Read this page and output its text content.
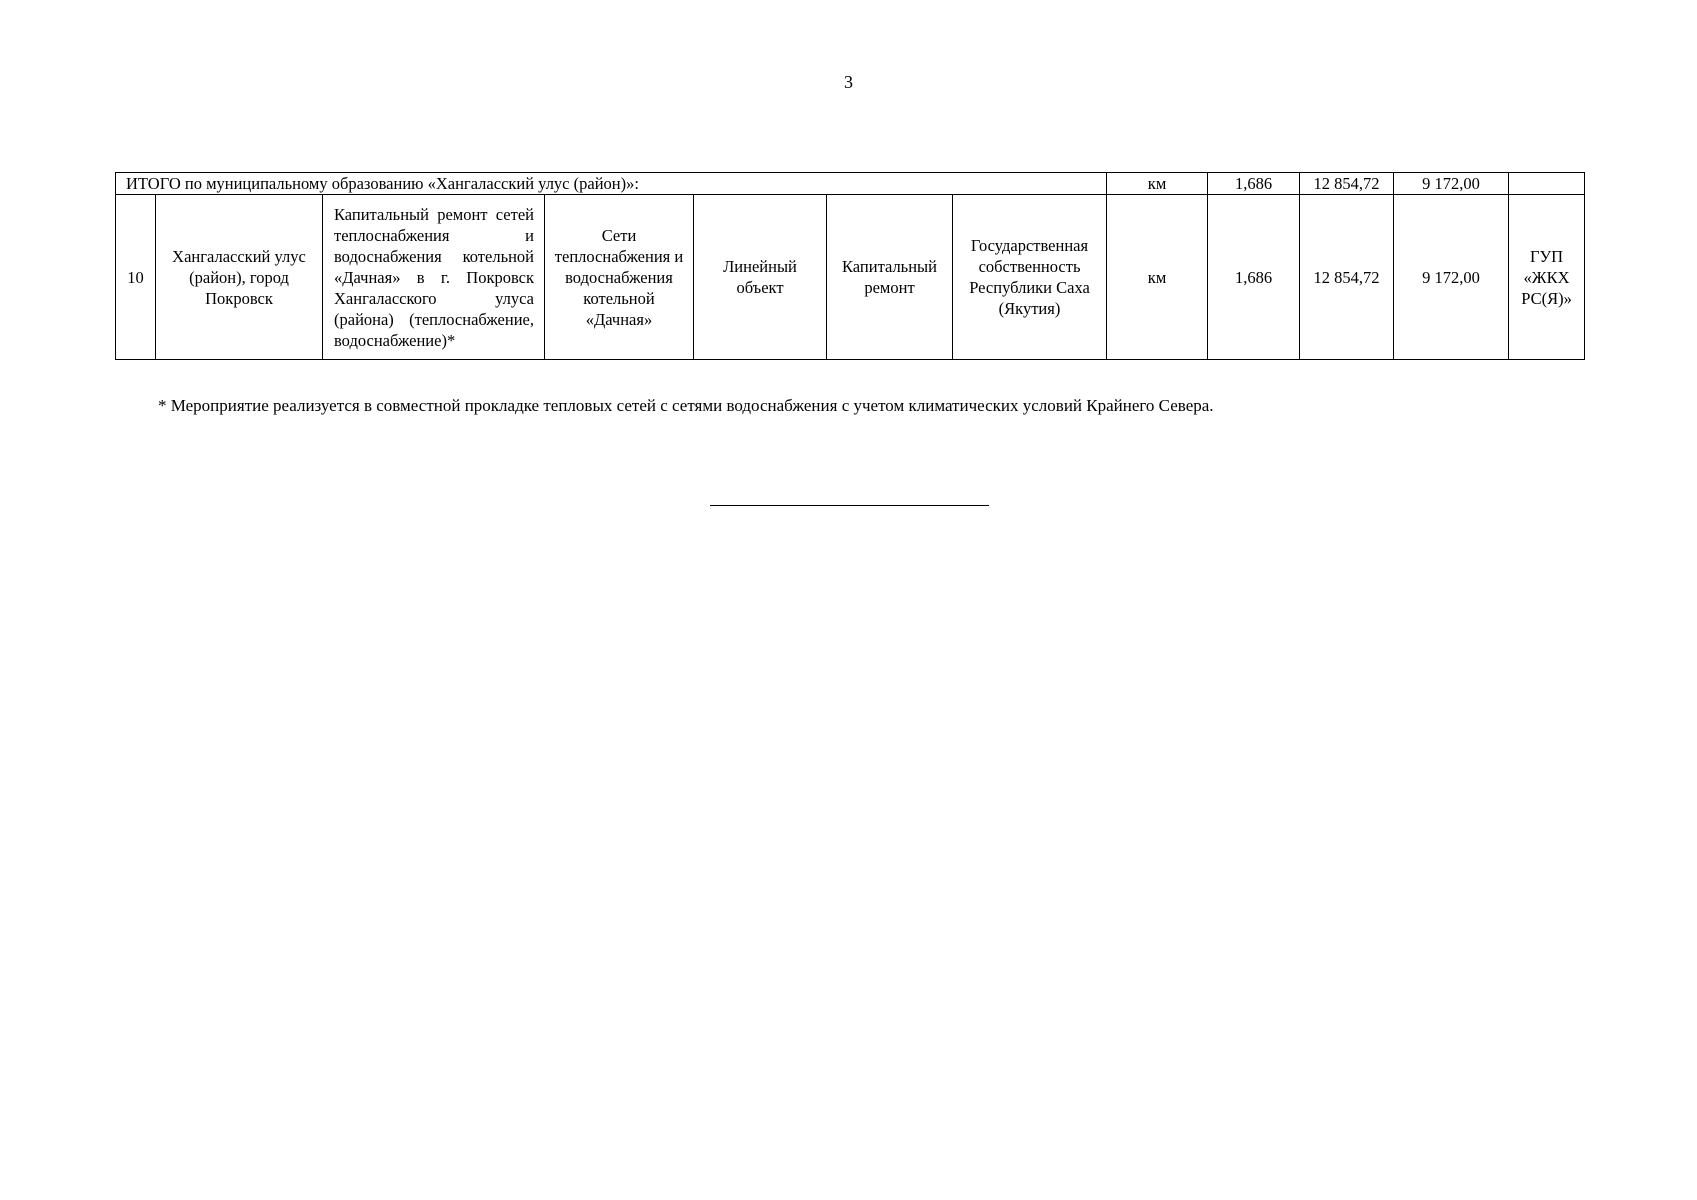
3
ИТОГО по муниципальному образованию «Хангаласский улус (район)»:							км	1,686	12 854,72	9 172,00	
10	Хангаласский улус (район), город Покровск	Капитальный ремонт сетей теплоснабжения и водоснабжения котельной «Дачная» в г. Покровск Хангаласского улуса (района) (теплоснабжение, водоснабжение)*	Сети теплоснабжения и водоснабжения котельной «Дачная»	Линейный объект	Капитальный ремонт	Государственная собственность Республики Саха (Якутия)	км	1,686	12 854,72	9 172,00	ГУП «ЖКХ РС(Я)»
* Мероприятие реализуется в совместной прокладке тепловых сетей с сетями водоснабжения с учетом климатических условий Крайнего Севера.
